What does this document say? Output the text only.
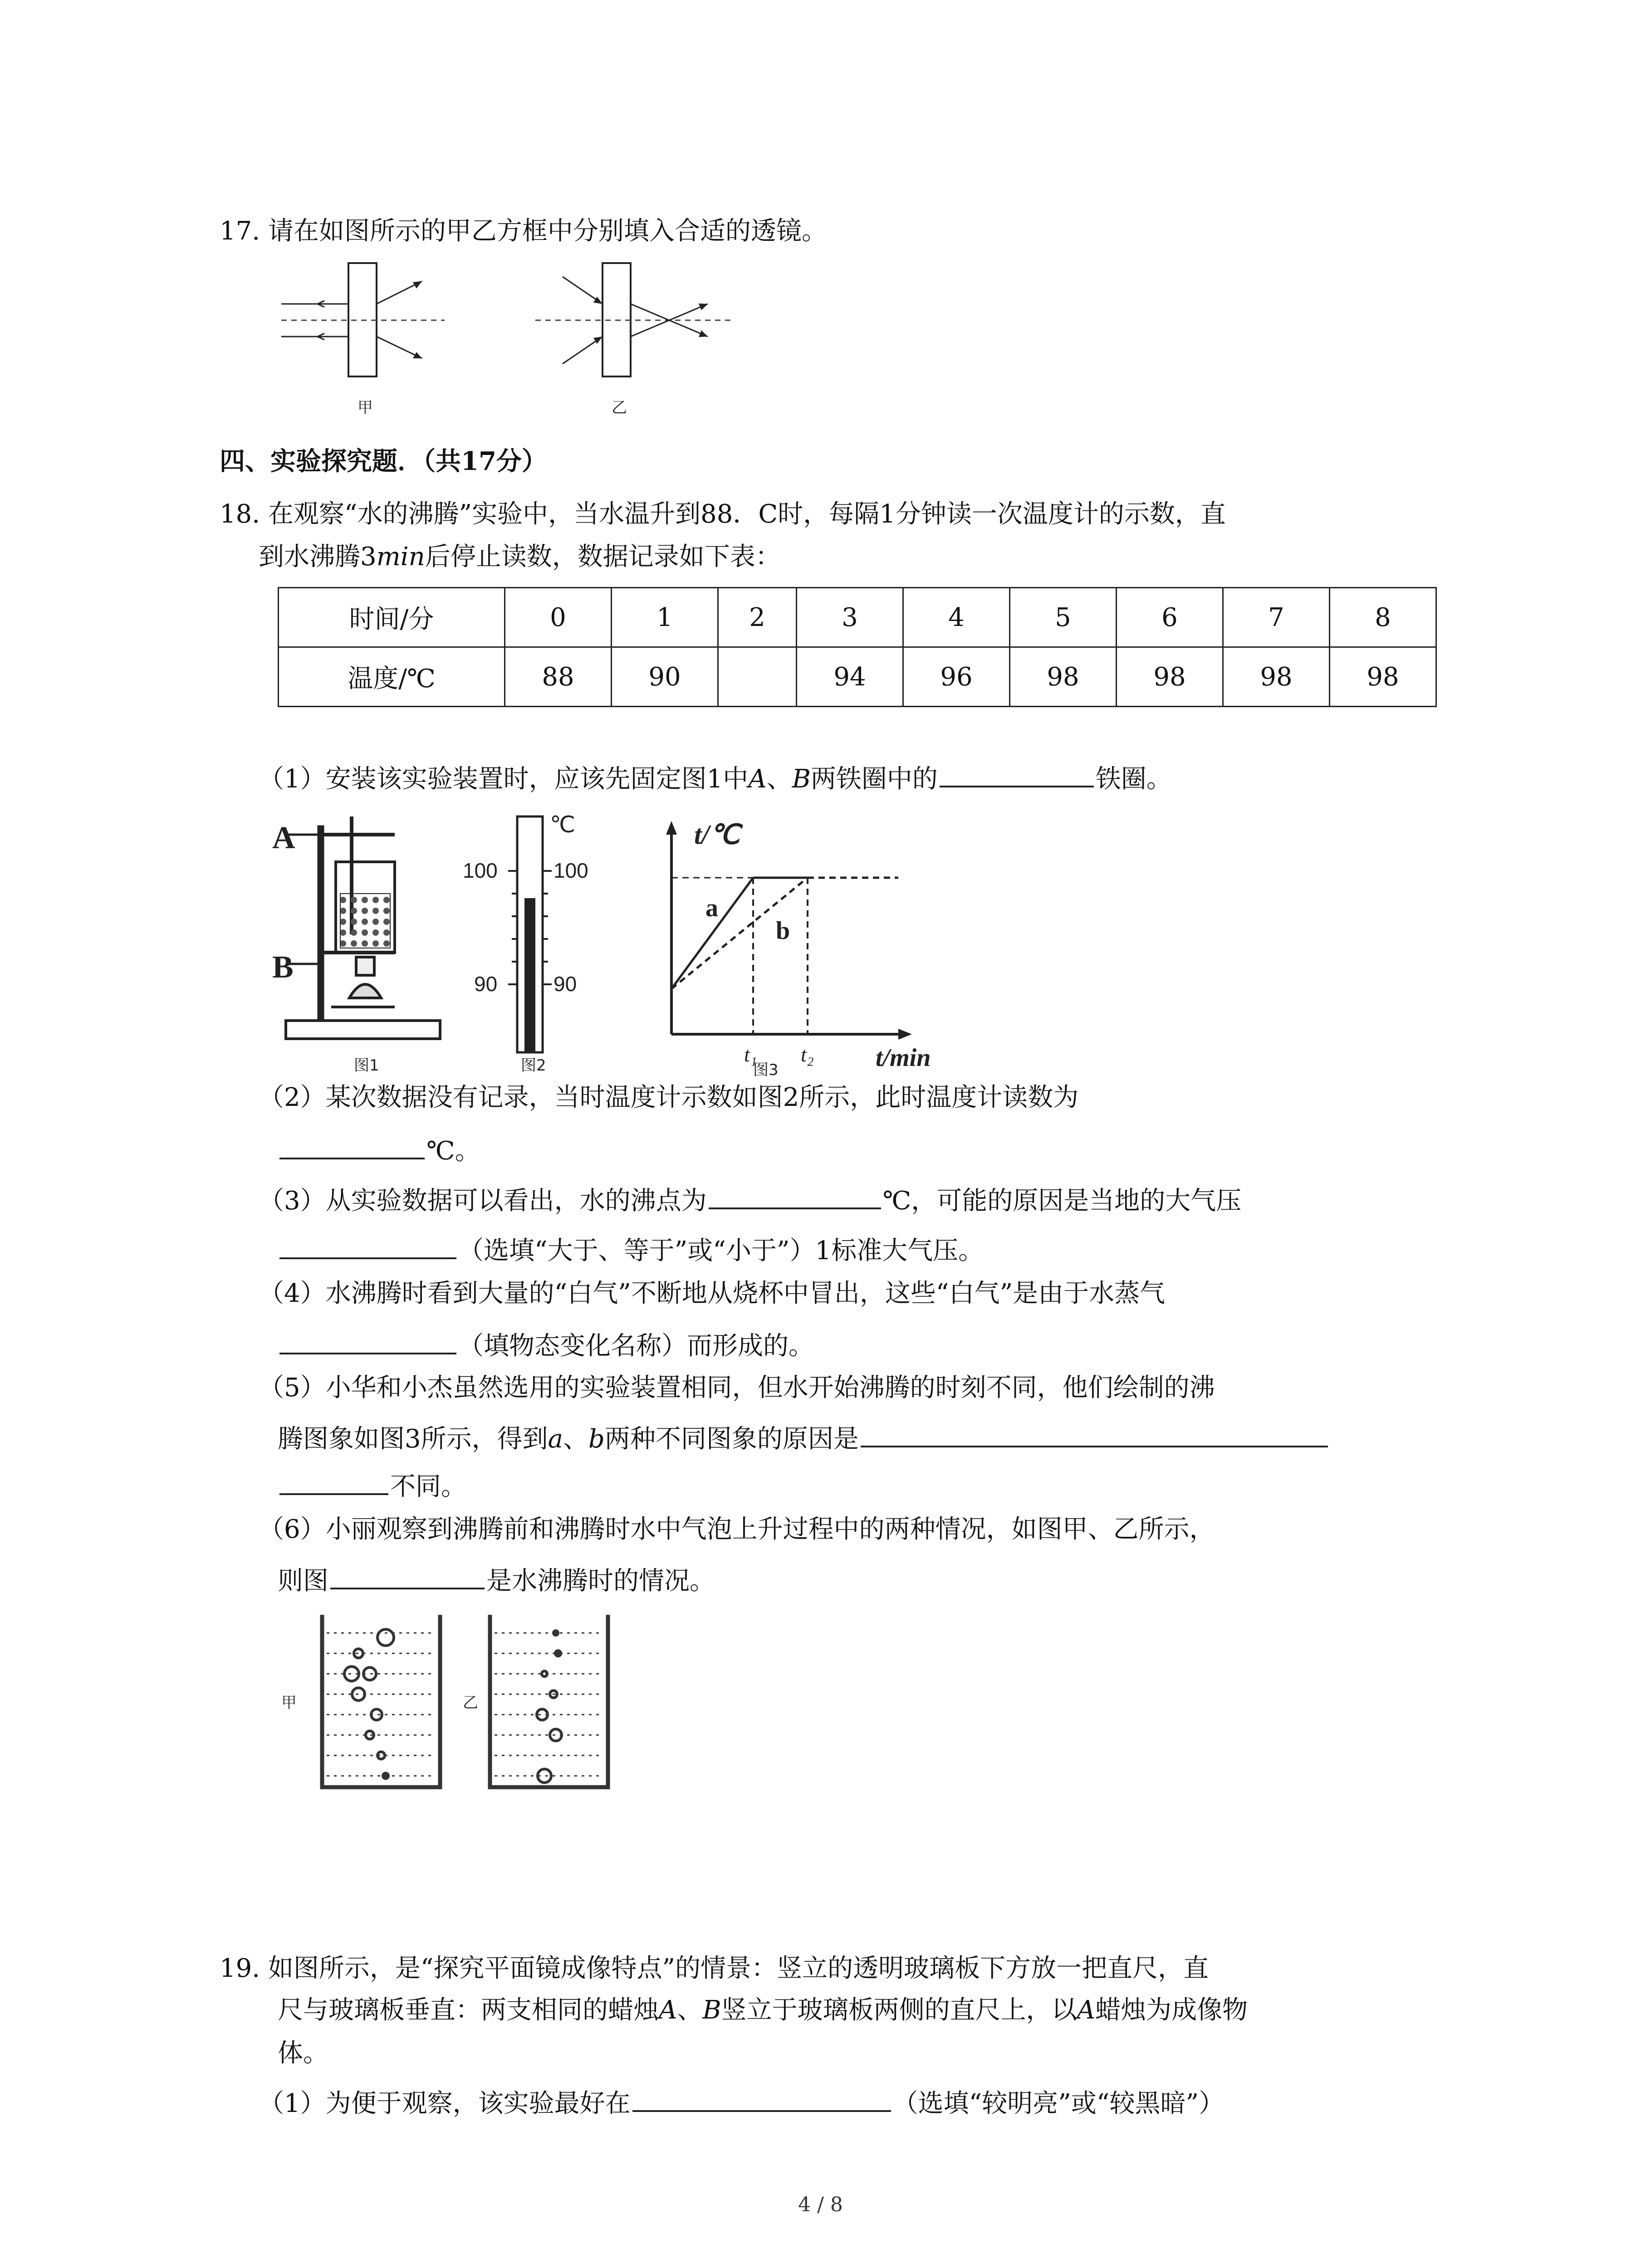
17. 请在如图所示的甲乙方框中分别填入合适的透镜。
甲	乙
四、实验探究题．（共17分）
18. 在观察“水的沸腾”实验中，当水温升到88．C时，每隔1分钟读一次温度计的示数，直
到水沸腾3min后停止读数，数据记录如下表：
时间/分	0	1	2	3	4	5	6	7	8
温度/℃	88	90		94	96	98	98	98	98
（1）安装该实验装置时，应该先固定图1中A、B两铁圈中的	铁圈。
A
B
图1
100	100
90	90
℃
图2
t/℃
t/min
a
b
t₁ t₂
图3
（2）某次数据没有记录，当时温度计示数如图2所示，此时温度计读数为
℃。
（3）从实验数据可以看出，水的沸点为	℃，可能的原因是当地的大气压
（选填“大于、等于”或“小于”）1标准大气压。
（4）水沸腾时看到大量的“白气”不断地从烧杯中冒出，这些“白气”是由于水蒸气
（填物态变化名称）而形成的。
（5）小华和小杰虽然选用的实验装置相同，但水开始沸腾的时刻不同，他们绘制的沸
腾图象如图3所示，得到a、b两种不同图象的原因是
不同。
（6）小丽观察到沸腾前和沸腾时水中气泡上升过程中的两种情况，如图甲、乙所示，
则图	是水沸腾时的情况。
甲	乙
19. 如图所示，是“探究平面镜成像特点”的情景：竖立的透明玻璃板下方放一把直尺，直
尺与玻璃板垂直：两支相同的蜡烛A、B竖立于玻璃板两侧的直尺上，以A蜡烛为成像物
体。
（1）为便于观察，该实验最好在	（选填“较明亮”或“较黑暗”）
4 / 8
